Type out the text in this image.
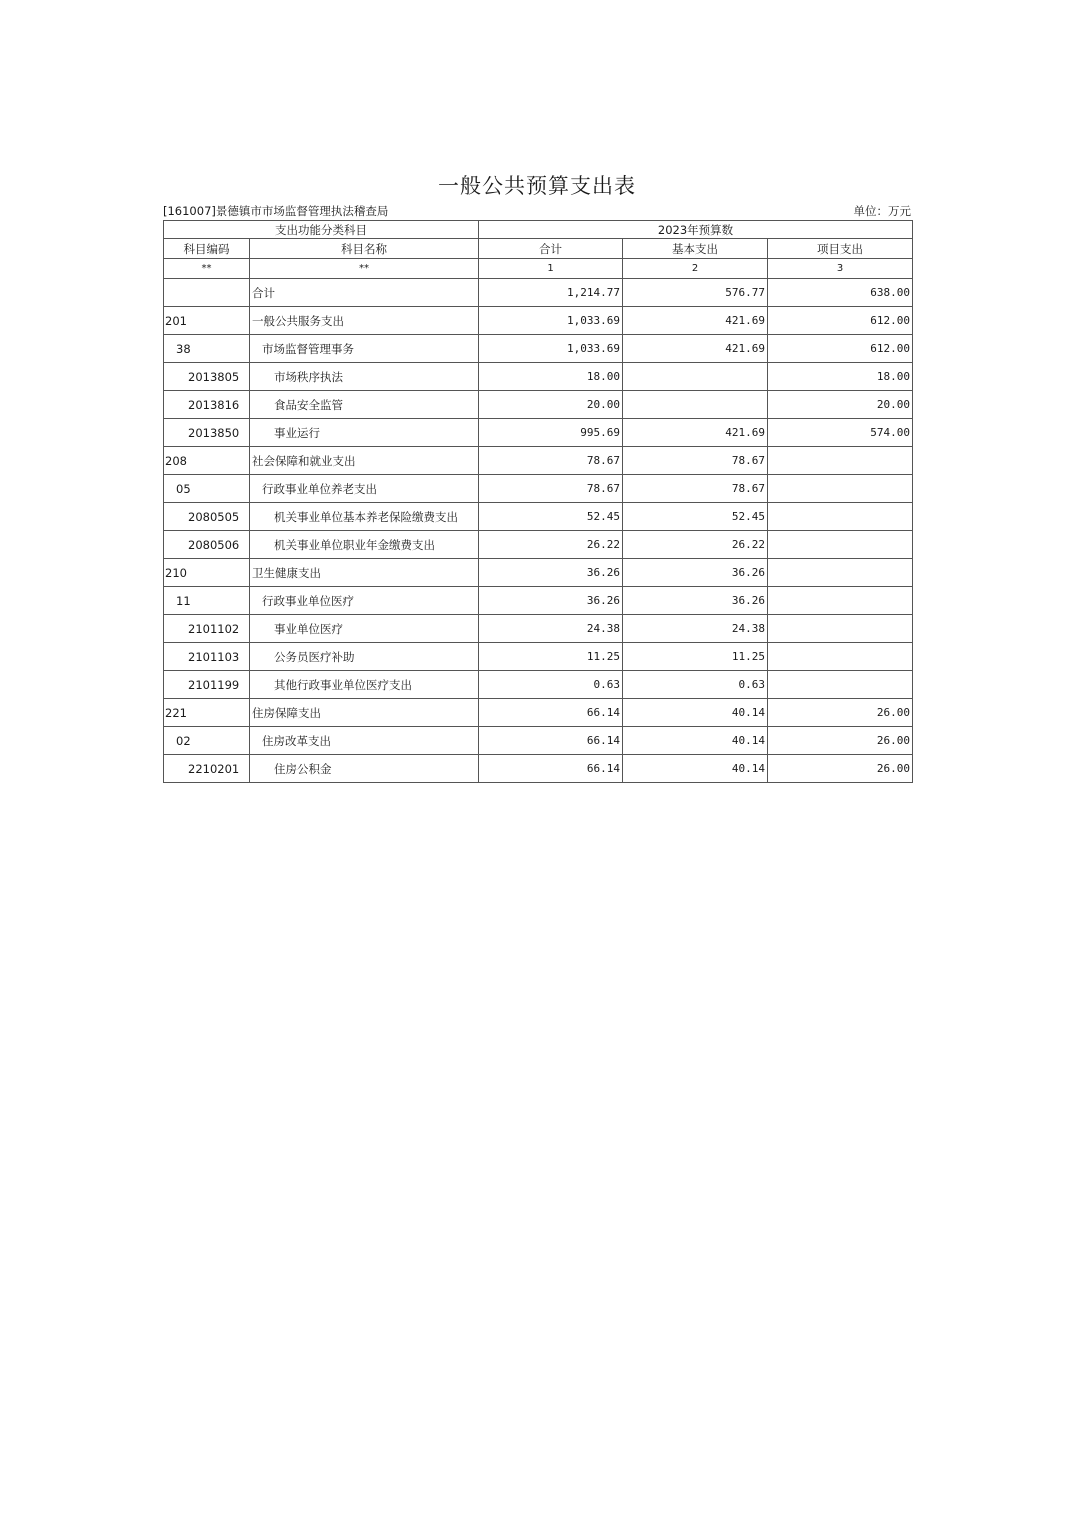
一般公共预算支出表
[161007]景德镇市市场监督管理执法稽查局	单位：万元
支出功能分类科目		2023年预算数		
科目编码	科目名称	合计	基本支出	项目支出
**	**	1	2	3
	合计	1,214.77	576.77	638.00
201	一般公共服务支出	1,033.69	421.69	612.00
38	市场监督管理事务	1,033.69	421.69	612.00
2013805	市场秩序执法	18.00		18.00
2013816	食品安全监管	20.00		20.00
2013850	事业运行	995.69	421.69	574.00
208	社会保障和就业支出	78.67	78.67	
05	行政事业单位养老支出	78.67	78.67	
2080505	机关事业单位基本养老保险缴费支出	52.45	52.45	
2080506	机关事业单位职业年金缴费支出	26.22	26.22	
210	卫生健康支出	36.26	36.26	
11	行政事业单位医疗	36.26	36.26	
2101102	事业单位医疗	24.38	24.38	
2101103	公务员医疗补助	11.25	11.25	
2101199	其他行政事业单位医疗支出	0.63	0.63	
221	住房保障支出	66.14	40.14	26.00
02	住房改革支出	66.14	40.14	26.00
2210201	住房公积金	66.14	40.14	26.00
